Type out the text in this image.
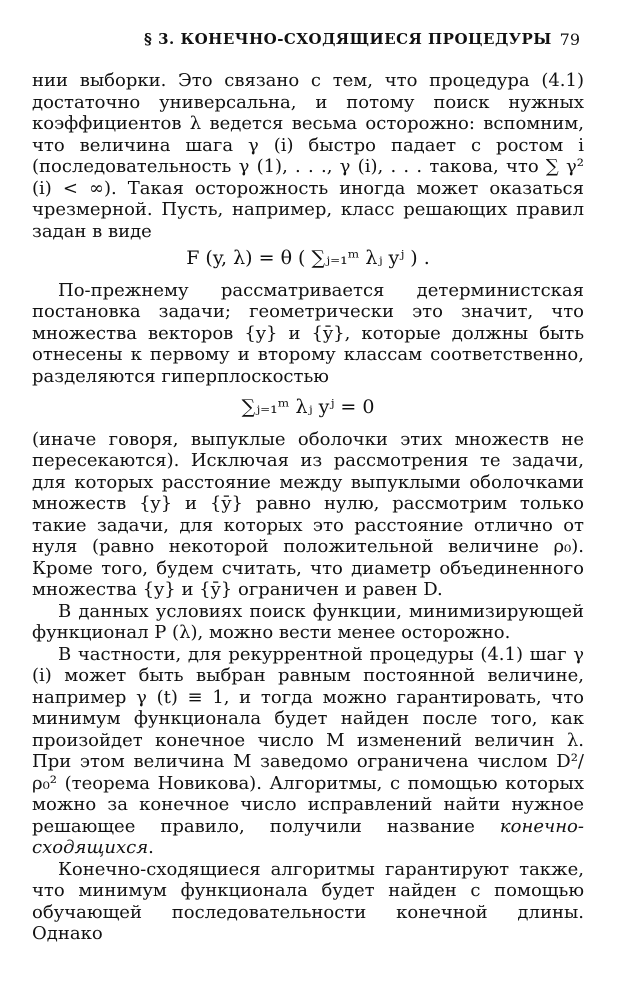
§ 3. КОНЕЧНО-СХОДЯЩИЕСЯ ПРОЦЕДУРЫ 79

нии выборки. Это связано с тем, что процедура (4.1) достаточно универсальна, и потому поиск нужных коэффициентов λ ведется весьма осторожно: вспомним, что величина шага γ (i) быстро падает с ростом i (последовательность γ (1), . . ., γ (i), . . . такова, что ∑ γ² (i) < ∞). Такая осторожность иногда может оказаться чрезмерной. Пусть, например, класс решающих правил задан в виде

F (y, λ) = θ ( ∑ⱼ₌₁ᵐ λⱼ yʲ ) .

По-прежнему рассматривается детерминистская постановка задачи; геометрически это значит, что множества векторов {y} и {ȳ}, которые должны быть отнесены к первому и второму классам соответственно, разделяются гиперплоскостью

∑ⱼ₌₁ᵐ λⱼ yʲ = 0

(иначе говоря, выпуклые оболочки этих множеств не пересекаются). Исключая из рассмотрения те задачи, для которых расстояние между выпуклыми оболочками множеств {y} и {ȳ} равно нулю, рассмотрим только такие задачи, для которых это расстояние отлично от нуля (равно некоторой положительной величине ρ₀). Кроме того, будем считать, что диаметр объединенного множества {y} и {ȳ} ограничен и равен D.

В данных условиях поиск функции, минимизирующей функционал P (λ), можно вести менее осторожно.

В частности, для рекуррентной процедуры (4.1) шаг γ (i) может быть выбран равным постоянной величине, например γ (t) ≡ 1, и тогда можно гарантировать, что минимум функционала будет найден после того, как произойдет конечное число M изменений величин λ. При этом величина M заведомо ограничена числом D²/ρ₀² (теорема Новикова). Алгоритмы, с помощью которых можно за конечное число исправлений найти нужное решающее правило, получили название конечно-сходящихся.

Конечно-сходящиеся алгоритмы гарантируют также, что минимум функционала будет найден с помощью обучающей последовательности конечной длины. Однако
